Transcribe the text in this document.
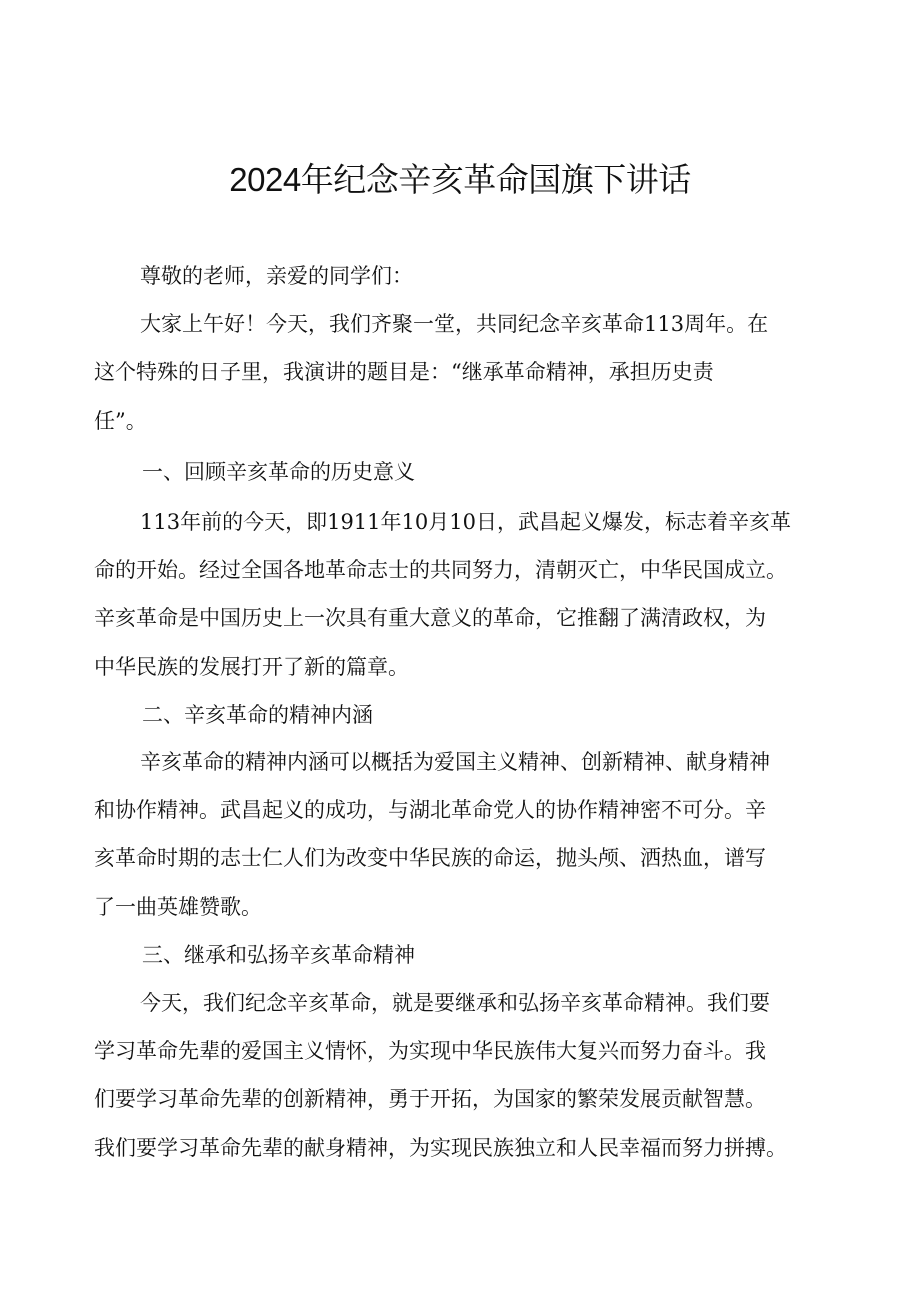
2024年纪念辛亥革命国旗下讲话

尊敬的老师，亲爱的同学们：

大家上午好！今天，我们齐聚一堂，共同纪念辛亥革命113周年。在

这个特殊的日子里，我演讲的题目是：“继承革命精神，承担历史责

任”。

一、回顾辛亥革命的历史意义

113年前的今天，即1911年10月10日，武昌起义爆发，标志着辛亥革

命的开始。经过全国各地革命志士的共同努力，清朝灭亡，中华民国成立。

辛亥革命是中国历史上一次具有重大意义的革命，它推翻了满清政权，为

中华民族的发展打开了新的篇章。

二、辛亥革命的精神内涵

辛亥革命的精神内涵可以概括为爱国主义精神、创新精神、献身精神

和协作精神。武昌起义的成功，与湖北革命党人的协作精神密不可分。辛

亥革命时期的志士仁人们为改变中华民族的命运，抛头颅、洒热血，谱写

了一曲英雄赞歌。

三、继承和弘扬辛亥革命精神

今天，我们纪念辛亥革命，就是要继承和弘扬辛亥革命精神。我们要

学习革命先辈的爱国主义情怀，为实现中华民族伟大复兴而努力奋斗。我

们要学习革命先辈的创新精神，勇于开拓，为国家的繁荣发展贡献智慧。

我们要学习革命先辈的献身精神，为实现民族独立和人民幸福而努力拼搏。
